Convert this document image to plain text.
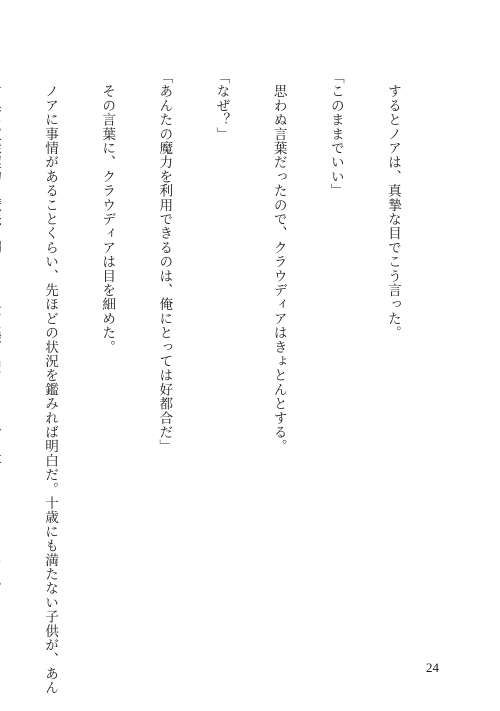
　するとノアは、真摯な目でこう言った。

「このままでいい」

　思わぬ言葉だったので、クラウディアはきょとんとする。

「なぜ？」

「あんたの魔力を利用できるのは、俺にとっては好都合だ」

　その言葉に、クラウディアは目を細めた。

　ノアに事情があることくらい、先ほどの状況を鑑みれば明白だ。十歳にも満たない子供が、あん

	24
